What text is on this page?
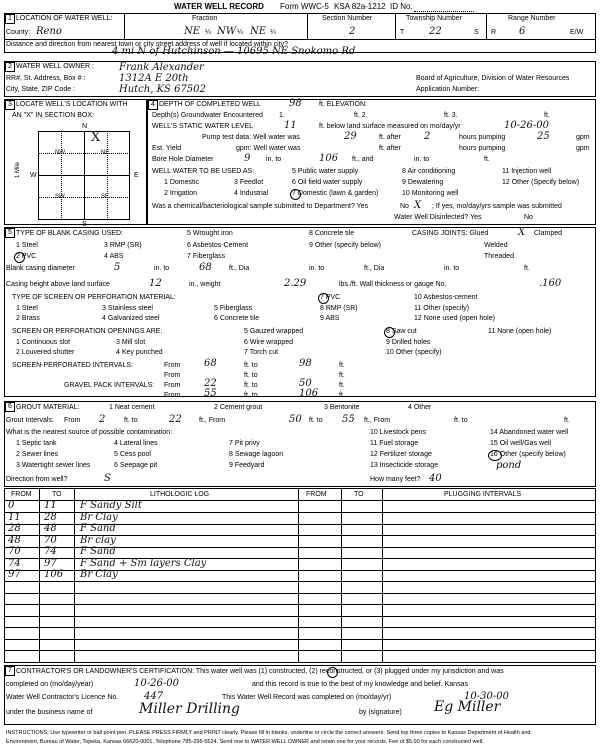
WATER WELL RECORD Form WWC-5 KSA 82a-1212 ID No.
1 LOCATION OF WATER WELL:
County: Reno
Fraction
NE ¼ NW ¼ NE ¼
Section Number
2
Township Number
T 22	S
Range Number
R 6	E/W
Distance and direction from nearest town or city street address of well if located within city?
4 mi N of Hutchinson — 10695 NE Snokomo Rd
2 WATER WELL OWNER :
RR#, St. Address, Box # :
City, State, ZIP Code :
Frank Alexander
1312A E 20th
Hutch, KS 67502
Board of Agriculture, Division of Water Resources
Application Number:
3 LOCATE WELL'S LOCATION WITH
AN "X" IN SECTION BOX:
N
S
W	E
NW	NE
SW	SE
1 Mile
X
4 DEPTH OF COMPLETED WELL	98 ft. ELEVATION:
Depth(s) Groundwater Encountered 1.	ft. 2.	ft. 3.	ft.
WELL'S STATIC WATER LEVEL	11	ft. below land surface measured on mo/day/yr	10-26-00
Pump test data: Well water was	29	ft. after 2	hours pumping	25	gpm
Est. Yield	gpm: Well water was	ft. after	hours pumping	gpm
Bore Hole Diameter	9 in. to	106 ft., and	in. to	ft.
WELL WATER TO BE USED AS:
1 Domestic
2 Irrigation
3 Feedlot
4 Industrial
5 Public water supply
6 Oil field water supply
7 Domestic (lawn & garden)
8 Air conditioning
9 Dewatering
10 Monitoring well
11 Injection well
12 Other (Specify below)
Was a chemical/bacteriological sample submitted to Department? Yes	No X ; If yes, mo/day/yrs sample was submitted
Water Well Disinfected? Yes	No
5 TYPE OF BLANK CASING USED:
1 Steel
2 PVC
3 RMP (SR)
4 ABS
5 Wrought iron
6 Asbestos-Cement
7 Fiberglass
8 Concrete tile
9 Other (specify below)
CASING JOINTS: Glued	X Clamped
Welded
Threaded
Blank casing diameter	5	in. to	68 ft., Dia	in. to	ft., Dia	in. to	ft.
Casing height above land surface	12	in., weight	2.29	lbs./ft. Wall thickness or gauge No.	.160
TYPE OF SCREEN OR PERFORATION MATERIAL:
1 Steel
2 Brass
3 Stainless steel
4 Galvanized steel
5 Fiberglass
6 Concrete tile
7 PVC
8 RMP (SR)
9 ABS
10 Asbestos-cement
11 Other (specify)
12 None used (open hole)
SCREEN OR PERFORATION OPENINGS ARE:
1 Continuous slot
2 Louvered shutter
3 Mill slot
4 Key punched
5 Gauzed wrapped
6 Wire wrapped
7 Torch cut
8 Saw cut
9 Drilled holes
10 Other (specify)
11 None (open hole)
SCREEN-PERFORATED INTERVALS:	From 68	ft. to	98	ft.
From	ft. to	ft.
GRAVEL PACK INTERVALS: From 22	ft. to	50	ft.
From 55	ft. to	106	ft.
6 GROUT MATERIAL:	1 Neat cement	2 Cement grout	3 Bentonite	4 Other
Grout Intervals: From 2	ft. to	22 ft., From	50 ft. to 55 ft., From	ft. to	ft.
What is the nearest source of possible contamination:
1 Septic tank
2 Sewer lines
3 Watertight sewer lines
4 Lateral lines
5 Cess pool
6 Seepage pit
7 Pit privy
8 Sewage lagoon
9 Feedyard
10 Livestock pens
11 Fuel storage
12 Fertilizer storage
13 Insecticide storage
14 Abandoned water well
15 Oil well/Gas well
16 Other (specify below)
pond
Direction from well?	S	How many feet? 40
FROM	TO	LITHOLOGIC LOG	FROM	TO	PLUGGING INTERVALS
0	11 F Sandy Silt
11 28 Br Clay
28 48 F Sand
48 70 Br clay
70 74 F Sand
74 97 F Sand + Sm layers Clay
97 106 Br Clay
7 CONTRACTOR'S OR LANDOWNER'S CERTIFICATION: This water well was (1) constructed, (2) reconstructed, or (3) plugged under my jurisdiction and was
completed on (mo/day/year)	10-26-00	and this record is true to the best of my knowledge and belief. Kansas
Water Well Contractor's Licence No.	447	This Water Well Record was completed on (mo/day/yr)	10-30-00
under the business name of	Miller Drilling	by (signature) Eg Miller
INSTRUCTIONS: Use typewriter or ball point pen. PLEASE PRESS FIRMLY and PRINT clearly. Please fill in blanks, underline or circle the correct answers. Send top three copies to Kansas Department of Health and
Environment, Bureau of Water, Topeka, Kansas 66620-0001. Telephone 785-296-5524. Send one to WATER WELL OWNER and retain one for your records. Fee of $5.00 for each constructed well.
